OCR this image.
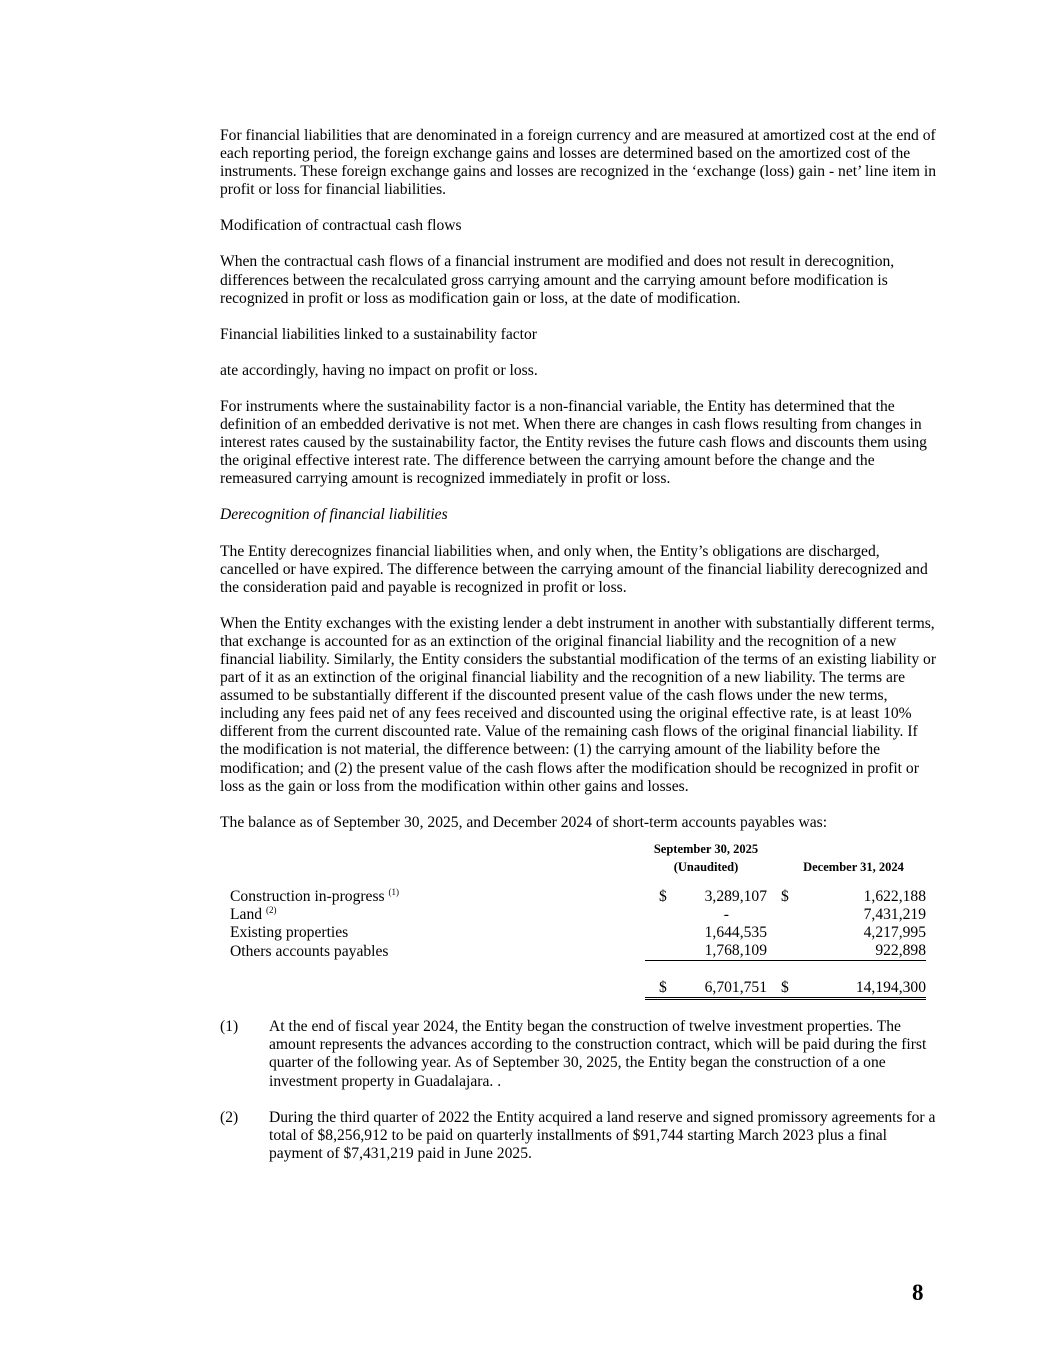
For financial liabilities that are denominated in a foreign currency and are measured at amortized cost at the end of each reporting period, the foreign exchange gains and losses are determined based on the amortized cost of the instruments. These foreign exchange gains and losses are recognized in the ‘exchange (loss) gain - net’ line item in profit or loss for financial liabilities.

Modification of contractual cash flows

When the contractual cash flows of a financial instrument are modified and does not result in derecognition, differences between the recalculated gross carrying amount and the carrying amount before modification is recognized in profit or loss as modification gain or loss, at the date of modification.

Financial liabilities linked to a sustainability factor

ate accordingly, having no impact on profit or loss.

For instruments where the sustainability factor is a non-financial variable, the Entity has determined that the definition of an embedded derivative is not met. When there are changes in cash flows resulting from changes in interest rates caused by the sustainability factor, the Entity revises the future cash flows and discounts them using the original effective interest rate. The difference between the carrying amount before the change and the remeasured carrying amount is recognized immediately in profit or loss.

Derecognition of financial liabilities

The Entity derecognizes financial liabilities when, and only when, the Entity’s obligations are discharged, cancelled or have expired. The difference between the carrying amount of the financial liability derecognized and the consideration paid and payable is recognized in profit or loss.

When the Entity exchanges with the existing lender a debt instrument in another with substantially different terms, that exchange is accounted for as an extinction of the original financial liability and the recognition of a new financial liability. Similarly, the Entity considers the substantial modification of the terms of an existing liability or part of it as an extinction of the original financial liability and the recognition of a new liability. The terms are assumed to be substantially different if the discounted present value of the cash flows under the new terms, including any fees paid net of any fees received and discounted using the original effective rate, is at least 10% different from the current discounted rate. Value of the remaining cash flows of the original financial liability. If the modification is not material, the difference between: (1) the carrying amount of the liability before the modification; and (2) the present value of the cash flows after the modification should be recognized in profit or loss as the gain or loss from the modification within other gains and losses.

The balance as of September 30, 2025, and December 2024 of short-term accounts payables was:

	September 30, 2025			
	(Unaudited)		December 31, 2024	

Construction in-progress $^{(1)}$	$	3,289,107	$	1,622,188
Land $^{(2)}$		-		7,431,219
Existing properties		1,644,535		4,217,995
Others accounts payables		1,768,109		922,898

	$	6,701,751	$	14,194,300
(1)	At the end of fiscal year 2024, the Entity began the construction of twelve investment properties. The amount represents the advances according to the construction contract, which will be paid during the first quarter of the following year. As of September 30, 2025, the Entity began the construction of a one investment property in Guadalajara. .
(2)	During the third quarter of 2022 the Entity acquired a land reserve and signed promissory agreements for a total of $8,256,912 to be paid on quarterly installments of $91,744 starting March 2023 plus a final payment of $7,431,219 paid in June 2025.
8
